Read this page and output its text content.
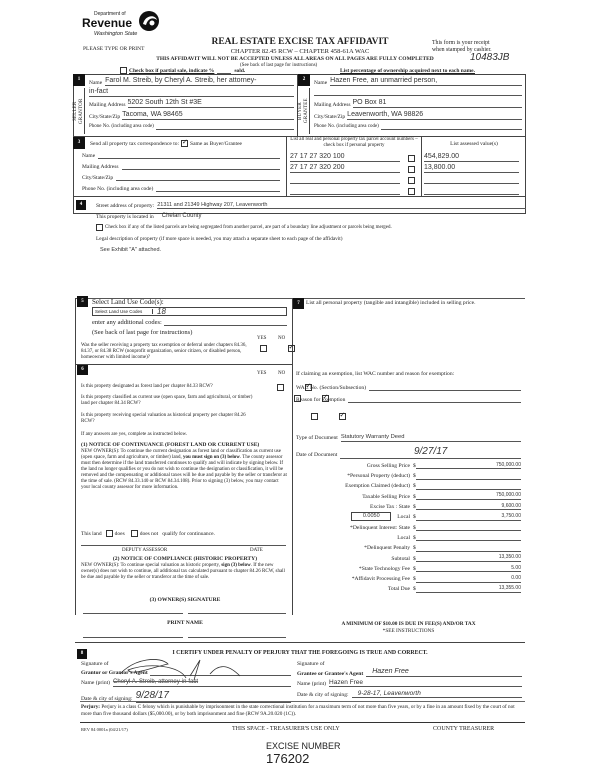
Department of
Revenue
Washington State
PLEASE TYPE OR PRINT
REAL ESTATE EXCISE TAX AFFIDAVIT
CHAPTER 82.45 RCW – CHAPTER 458-61A WAC
This form is your receipt
when stamped by cashier.
THIS AFFIDAVIT WILL NOT BE ACCEPTED UNLESS ALL AREAS ON ALL PAGES ARE FULLY COMPLETED	10483JB
(See back of last page for instructions)
Check box if partial sale, indicate %	sold.	List percentage of ownership acquired next to each name.
1
SELLER
GRANTOR
Name Farol M. Streib, by Cheryl A. Streib, her attorney-
in-fact
Mailing Address 5202 South 12th St #3E
City/State/Zip Tacoma, WA 98465
Phone No. (including area code)
2
BUYER
GRANTEE
Name Hazen Free, an unmarried person,
Mailing Address PO Box 81
City/State/Zip Leavenworth, WA 98826
Phone No. (including area code)
3	Send all property tax correspondence to: ✓ Same as Buyer/Grantee
Name
Mailing Address
City/State/Zip
Phone No. (including area code)
List all real and personal property tax parcel account numbers – check box if personal property	List assessed value(s)
27 17 27 320 100	454,829.00
27 17 27 320 200	13,800.00
4	Street address of property: 21311 and 21349 Highway 207, Leavenworth
This property is located in Chelan County
Check box if any of the listed parcels are being segregated from another parcel, are part of a boundary line adjustment or parcels being merged.
Legal description of property (if more space is needed, you may attach a separate sheet to each page of the affidavit)
See Exhibit "A" attached.
5	Select Land Use Code(s):
Select Land Use Codes	18
enter any additional codes:
(See back of last page for instructions)
YES NO
Was the seller receiving a property tax exemption or deferral under chapters 84.36, 84.37, or 84.38 RCW (nonprofit organization, senior citizen, or disabled person, homeowner with limited income)?
✓
6
YES NO
Is this property designated as forest land per chapter 84.33 RCW?
✓
Is this property classified as current use (open space, farm and agricultural, or timber) land per chapter 84.34 RCW?
✓
Is this property receiving special valuation as historical property per chapter 84.26 RCW?
✓
If any answers are yes, complete as instructed below.
(1) NOTICE OF CONTINUANCE (FOREST LAND OR CURRENT USE)
NEW OWNER(S): To continue the current designation as forest land or classification as current use (open space, farm and agriculture, or timber) land, you must sign on (3) below. The county assessor must then determine if the land transferred continues to qualify and will indicate by signing below. If the land no longer qualifies or you do not wish to continue the designation or classification, it will be removed and the compensating or additional taxes will be due and payable by the seller or transferor at the time of sale. (RCW 84.33.140 or RCW 84.34.108). Prior to signing (3) below, you may contact your local county assessor for more information.
This land does	does not qualify for continuance.
DEPUTY ASSESSOR	DATE
(2) NOTICE OF COMPLIANCE (HISTORIC PROPERTY)
NEW OWNER(S): To continue special valuation as historic property, sign (3) below. If the new owner(s) does not wish to continue, all additional tax calculated pursuant to chapter 84.26 RCW, shall be due and payable by the seller or transferor at the time of sale.
(3) OWNER(S) SIGNATURE
PRINT NAME
7	List all personal property (tangible and intangible) included in selling price.
If claiming an exemption, list WAC number and reason for exemption:
WAC No. (Section/Subsection)
Reason for exemption
Type of Document Statutory Warranty Deed
Date of Document	9/27/17
Gross Selling Price $	750,000.00
*Personal Property (deduct) $
Exemption Claimed (deduct) $
Taxable Selling Price $	750,000.00
Excise Tax : State $	9,600.00
0.0050	Local $	3,750.00
*Delinquent Interest: State $
Local $
*Delinquent Penalty $
Subtotal $	13,350.00
*State Technology Fee $	5.00
*Affidavit Processing Fee $	0.00
Total Due $	13,355.00
A MINIMUM OF $10.00 IS DUE IN FEE(S) AND/OR TAX
*SEE INSTRUCTIONS
8	I CERTIFY UNDER PENALTY OF PERJURY THAT THE FOREGOING IS TRUE AND CORRECT.
Signature of
Grantor or Grantor's Agent
Name (print) Cheryl A. Streib, attorney-in-fact
Date & city of signing: 9/28/17
Signature of
Grantee or Grantee's Agent	Hazen Free
Name (print) Hazen Free
Date & city of signing:	9-28-17, Leavenworth
Perjury: Perjury is a class C felony which is punishable by imprisonment in the state correctional institution for a maximum term of not more than five years, or by a fine in an amount fixed by the court of not more than five thousand dollars ($5,000.00), or by both imprisonment and fine (RCW 9A.20.020 (1C)).
REV 84 0001a (04/21/17)	THIS SPACE - TREASURER'S USE ONLY	COUNTY TREASURER
EXCISE NUMBER
176202
